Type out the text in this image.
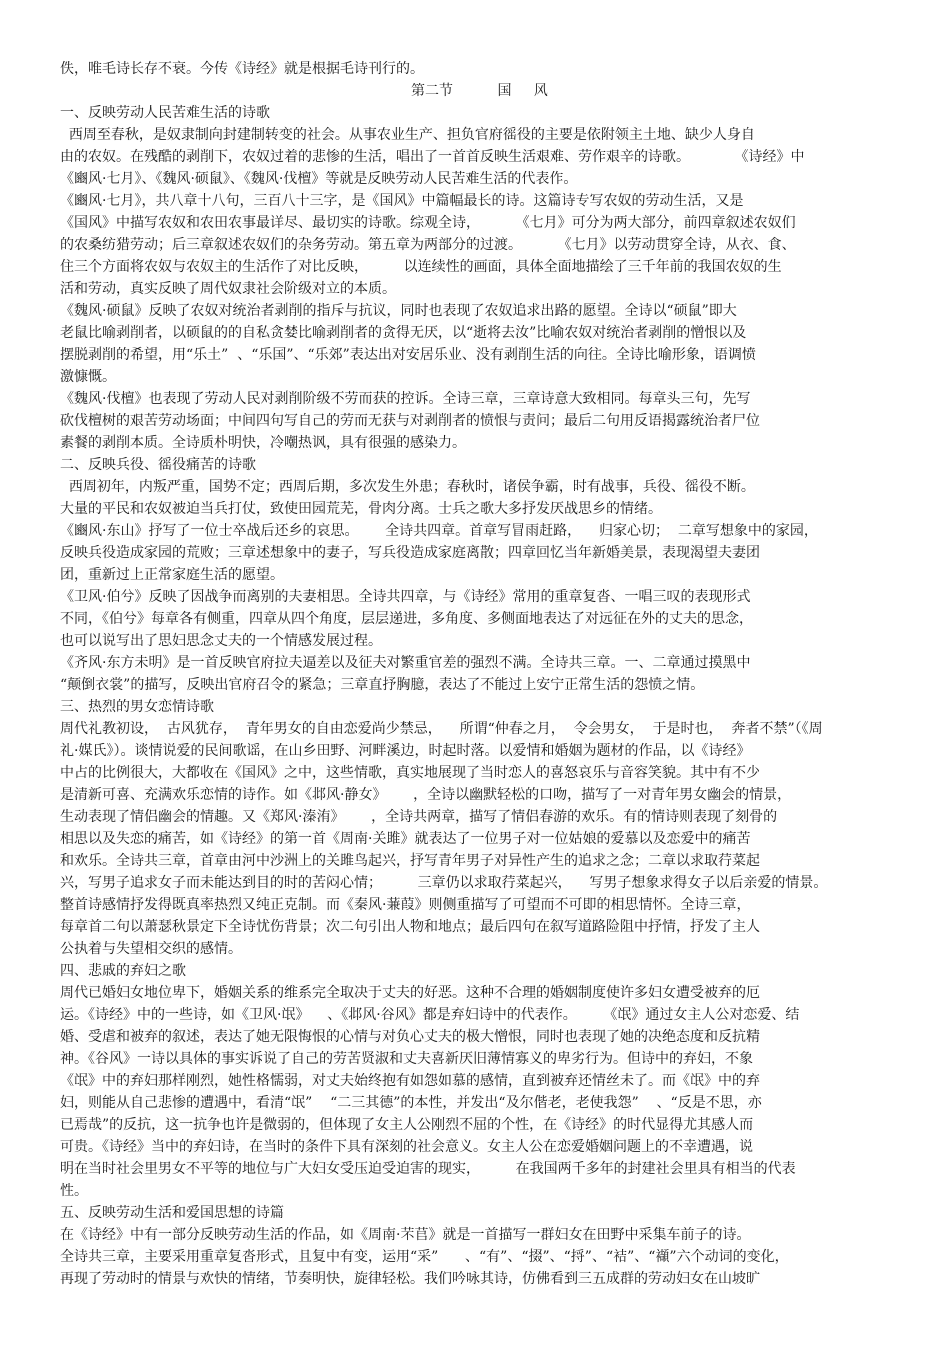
佚，唯毛诗长存不衰。今传《诗经》就是根据毛诗刊行的。
第二节          国     风
一、反映劳动人民苦难生活的诗歌
西周至春秋，是奴隶制向封建制转变的社会。从事农业生产、担负官府徭役的主要是依附领主土地、缺少人身自
由的农奴。在残酷的剥削下，农奴过着的悲惨的生活，唱出了一首首反映生活艰难、劳作艰辛的诗歌。          《诗经》中
《豳风·七月》、《魏风·硕鼠》、《魏风·伐檀》等就是反映劳动人民苦难生活的代表作。
《豳风·七月》，共八章十八句，三百八十三字，是《国风》中篇幅最长的诗。这篇诗专写农奴的劳动生活，又是
《国风》中描写农奴和农田农事最详尽、最切实的诗歌。综观全诗，        《七月》可分为两大部分，前四章叙述农奴们
的农桑纺猎劳动；后三章叙述农奴们的杂务劳动。第五章为两部分的过渡。        《七月》以劳动贯穿全诗，从衣、食、
住三个方面将农奴与农奴主的生活作了对比反映，        以连续性的画面，具体全面地描绘了三千年前的我国农奴的生
活和劳动，真实反映了周代奴隶社会阶级对立的本质。
《魏风·硕鼠》反映了农奴对统治者剥削的指斥与抗议，同时也表现了农奴追求出路的愿望。全诗以“硕鼠”即大
老鼠比喻剥削者，以硕鼠的的自私贪婪比喻剥削者的贪得无厌，以“逝将去汝”比喻农奴对统治者剥削的憎恨以及
摆脱剥削的希望，用“乐土”  、“乐国”、“乐郊”表达出对安居乐业、没有剥削生活的向往。全诗比喻形象，语调愤
激慷慨。
《魏风·伐檀》也表现了劳动人民对剥削阶级不劳而获的控诉。全诗三章，三章诗意大致相同。每章头三句，先写
砍伐檀树的艰苦劳动场面；中间四句写自己的劳而无获与对剥削者的愤恨与责问；最后二句用反语揭露统治者尸位
素餐的剥削本质。全诗质朴明快，冷嘲热讽，具有很强的感染力。
二、反映兵役、徭役痛苦的诗歌
西周初年，内叛严重，国势不定；西周后期，多次发生外患；春秋时，诸侯争霸，时有战事，兵役、徭役不断。
大量的平民和农奴被迫当兵打仗，致使田园荒芜，骨肉分离。士兵之歌大多抒发厌战思乡的情绪。
《豳风·东山》抒写了一位士卒战后还乡的哀思。      全诗共四章。首章写冒雨赶路，    归家心切；  二章写想象中的家园，
反映兵役造成家园的荒败；三章述想象中的妻子，写兵役造成家庭离散；四章回忆当年新婚美景，表现渴望夫妻团
团，重新过上正常家庭生活的愿望。
《卫风·伯兮》反映了因战争而离别的夫妻相思。全诗共四章，与《诗经》常用的重章复沓、一唱三叹的表现形式
不同，《伯兮》每章各有侧重，四章从四个角度，层层递进，多角度、多侧面地表达了对远征在外的丈夫的思念，
也可以说写出了思妇思念丈夫的一个情感发展过程。
《齐风·东方未明》是一首反映官府拉夫逼差以及征夫对繁重官差的强烈不满。全诗共三章。一、二章通过摸黑中
“颠倒衣裳”的描写，反映出官府召令的紧急；三章直抒胸臆，表达了不能过上安宁正常生活的怨愤之情。
三、热烈的男女恋情诗歌
周代礼教初设，  古风犹存，  青年男女的自由恋爱尚少禁忌，    所谓“仲春之月，  令会男女，  于是时也，  奔者不禁”（《周
礼·媒氏》）。谈情说爱的民间歌谣，在山乡田野、河畔溪边，时起时落。以爱情和婚姻为题材的作品，以《诗经》
中占的比例很大，大都收在《国风》之中，这些情歌，真实地展现了当时恋人的喜怒哀乐与音容笑貌。其中有不少
是清新可喜、充满欢乐恋情的诗作。如《邶风·静女》      ，全诗以幽默轻松的口吻，描写了一对青年男女幽会的情景，
生动表现了情侣幽会的情趣。又《郑风·溱洧》      ，全诗共两章，描写了情侣春游的欢乐。有的情诗则表现了刻骨的
相思以及失恋的痛苦，如《诗经》的第一首《周南·关雎》就表达了一位男子对一位姑娘的爱慕以及恋爱中的痛苦
和欢乐。全诗共三章，首章由河中沙洲上的关雎鸟起兴，抒写青年男子对异性产生的追求之念；二章以求取荇菜起
兴，写男子追求女子而未能达到目的时的苦闷心情；        三章仍以求取荇菜起兴，    写男子想象求得女子以后亲爱的情景。
整首诗感情抒发得既真率热烈又纯正克制。而《秦风·蒹葭》则侧重描写了可望而不可即的相思情怀。全诗三章，
每章首二句以萧瑟秋景定下全诗忧伤背景；次二句引出人物和地点；最后四句在叙写道路险阻中抒情，抒发了主人
公执着与失望相交织的感情。
四、悲戚的弃妇之歌
周代已婚妇女地位卑下，婚姻关系的维系完全取决于丈夫的好恶。这种不合理的婚姻制度使许多妇女遭受被弃的厄
运。《诗经》中的一些诗，如《卫风·氓》    、《邶风·谷风》都是弃妇诗中的代表作。      《氓》通过女主人公对恋爱、结
婚、受虐和被弃的叙述，表达了她无限悔恨的心情与对负心丈夫的极大憎恨，同时也表现了她的决绝态度和反抗精
神。《谷风》一诗以具体的事实诉说了自己的劳苦贤淑和丈夫喜新厌旧薄情寡义的卑劣行为。但诗中的弃妇，不象
《氓》中的弃妇那样刚烈，她性格懦弱，对丈夫始终抱有如怨如慕的感情，直到被弃还情丝未了。而《氓》中的弃
妇，则能从自己悲惨的遭遇中，看清“氓”    “二三其德”的本性，并发出“及尔偕老，老使我怨”    、“反是不思，亦
已焉哉”的反抗，这一抗争也许是微弱的，但体现了女主人公刚烈不屈的个性，在《诗经》的时代显得尤其感人而
可贵。《诗经》当中的弃妇诗，在当时的条件下具有深刻的社会意义。女主人公在恋爱婚姻问题上的不幸遭遇，说
明在当时社会里男女不平等的地位与广大妇女受压迫受迫害的现实，        在我国两千多年的封建社会里具有相当的代表
性。
五、反映劳动生活和爱国思想的诗篇
在《诗经》中有一部分反映劳动生活的作品，如《周南·芣苢》就是一首描写一群妇女在田野中采集车前子的诗。
全诗共三章，主要采用重章复沓形式，且复中有变，运用“采”      、“有”、“掇”、“捋”、“袺”、“襭”六个动词的变化，
再现了劳动时的情景与欢快的情绪，节奏明快，旋律轻松。我们吟咏其诗，仿佛看到三五成群的劳动妇女在山坡旷
